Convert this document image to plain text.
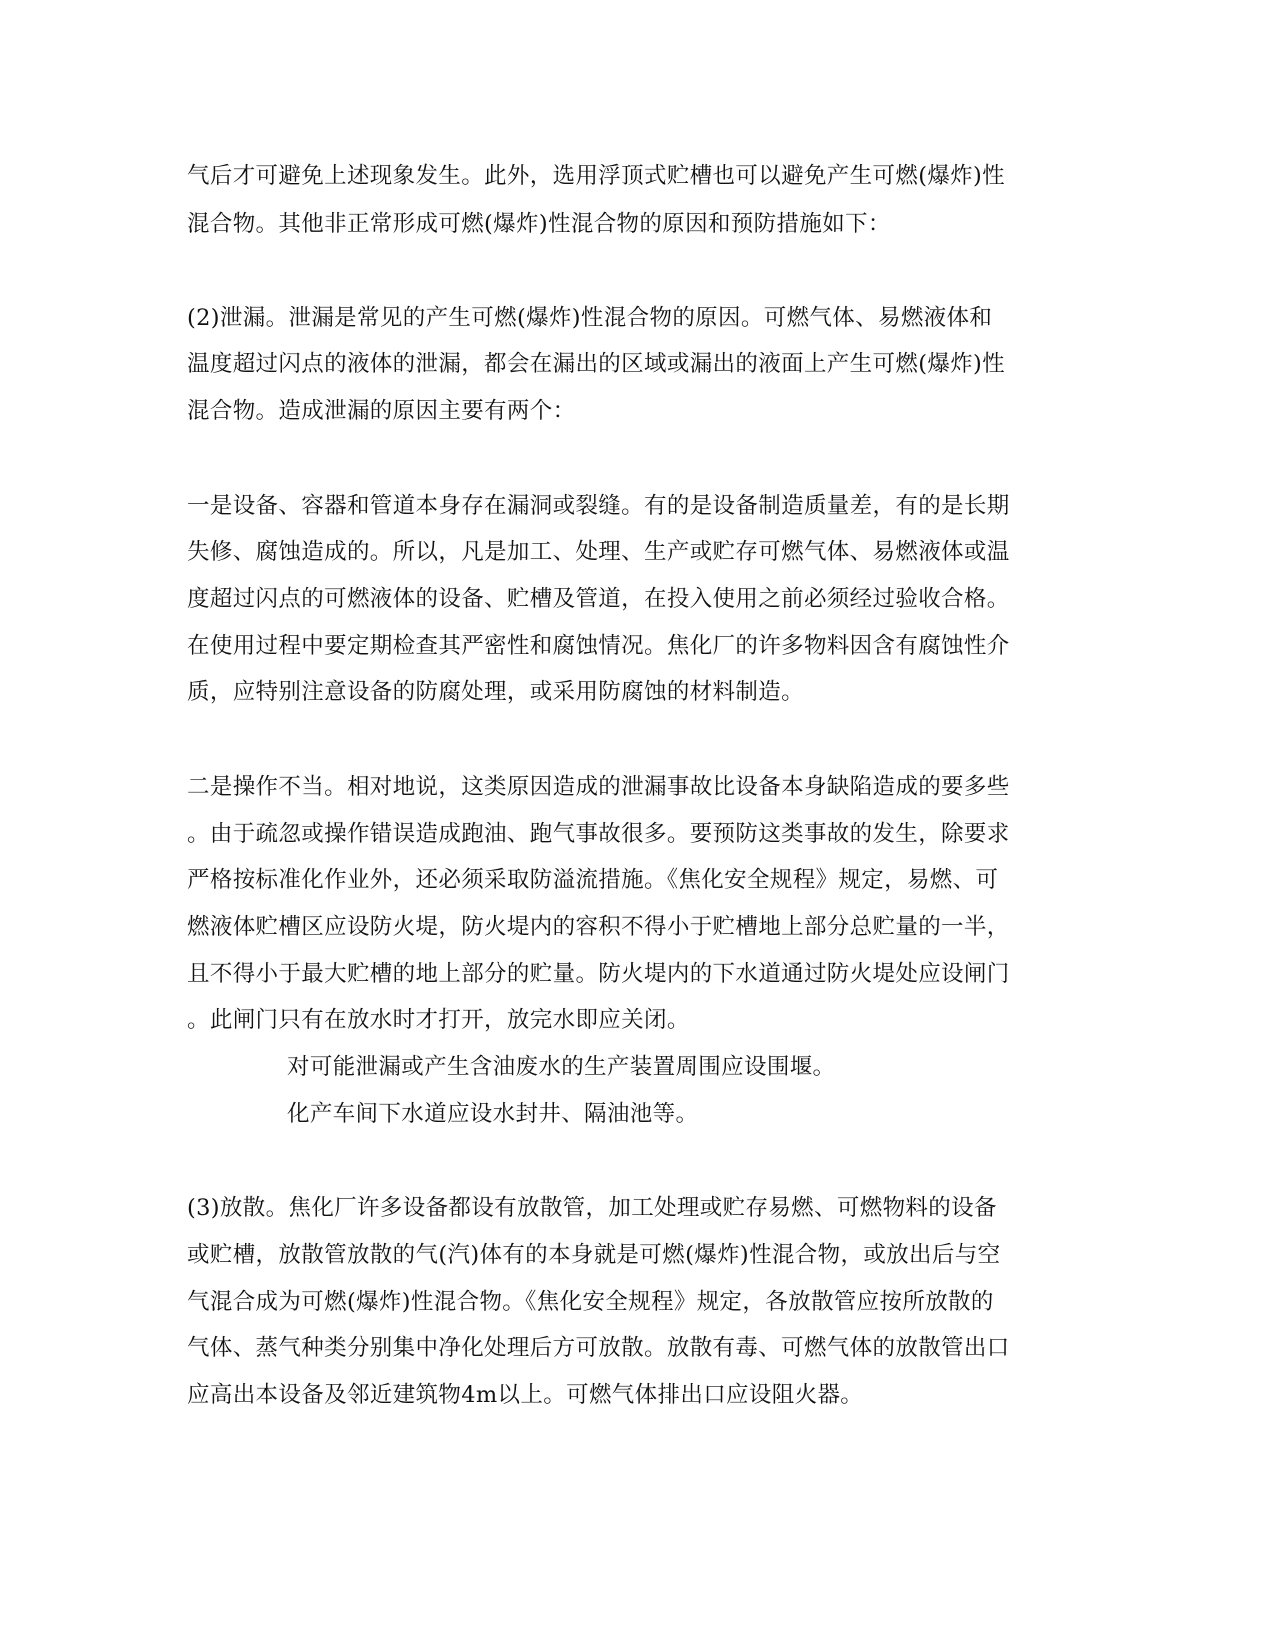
气后才可避免上述现象发生。此外，选用浮顶式贮槽也可以避免产生可燃(爆炸)性
混合物。其他非正常形成可燃(爆炸)性混合物的原因和预防措施如下：
(2)泄漏。泄漏是常见的产生可燃(爆炸)性混合物的原因。可燃气体、易燃液体和
温度超过闪点的液体的泄漏，都会在漏出的区域或漏出的液面上产生可燃(爆炸)性
混合物。造成泄漏的原因主要有两个：
一是设备、容器和管道本身存在漏洞或裂缝。有的是设备制造质量差，有的是长期
失修、腐蚀造成的。所以，凡是加工、处理、生产或贮存可燃气体、易燃液体或温
度超过闪点的可燃液体的设备、贮槽及管道，在投入使用之前必须经过验收合格。
在使用过程中要定期检查其严密性和腐蚀情况。焦化厂的许多物料因含有腐蚀性介
质，应特别注意设备的防腐处理，或采用防腐蚀的材料制造。
二是操作不当。相对地说，这类原因造成的泄漏事故比设备本身缺陷造成的要多些
。由于疏忽或操作错误造成跑油、跑气事故很多。要预防这类事故的发生，除要求
严格按标准化作业外，还必须采取防溢流措施。《焦化安全规程》规定，易燃、可
燃液体贮槽区应设防火堤，防火堤内的容积不得小于贮槽地上部分总贮量的一半，
且不得小于最大贮槽的地上部分的贮量。防火堤内的下水道通过防火堤处应设闸门
。此闸门只有在放水时才打开，放完水即应关闭。
对可能泄漏或产生含油废水的生产装置周围应设围堰。
化产车间下水道应设水封井、隔油池等。
(3)放散。焦化厂许多设备都设有放散管，加工处理或贮存易燃、可燃物料的设备
或贮槽，放散管放散的气(汽)体有的本身就是可燃(爆炸)性混合物，或放出后与空
气混合成为可燃(爆炸)性混合物。《焦化安全规程》规定，各放散管应按所放散的
气体、蒸气种类分别集中净化处理后方可放散。放散有毒、可燃气体的放散管出口
应高出本设备及邻近建筑物4m以上。可燃气体排出口应设阻火器。
